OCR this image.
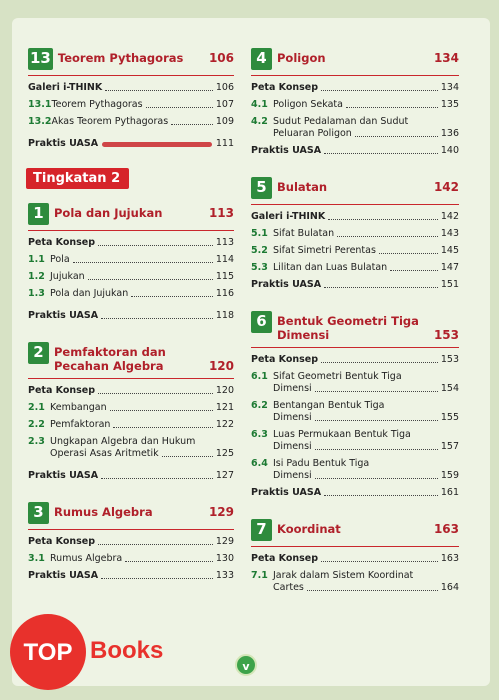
13 Teorem Pythagoras	106
Galeri i-THINK	106
13.1 Teorem Pythagoras	107
13.2 Akas Teorem Pythagoras	109
Praktis UASA	111
Tingkatan 2
1 Pola dan Jujukan	113
Peta Konsep	113
1.1 Pola	114
1.2 Jujukan	115
1.3 Pola dan Jujukan	116
Praktis UASA	118
2 Pemfaktoran dan
Pecahan Algebra	120
Peta Konsep	120
2.1 Kembangan	121
2.2 Pemfaktoran	122
2.3 Ungkapan Algebra dan Hukum
Operasi Asas Aritmetik	125
Praktis UASA	127
3 Rumus Algebra	129
Peta Konsep	129
3.1 Rumus Algebra	130
Praktis UASA	133
4 Poligon	134
Peta Konsep	134
4.1 Poligon Sekata	135
4.2 Sudut Pedalaman dan Sudut
Peluaran Poligon	136
Praktis UASA	140
5 Bulatan	142
Galeri i-THINK	142
5.1 Sifat Bulatan	143
5.2 Sifat Simetri Perentas	145
5.3 Lilitan dan Luas Bulatan	147
Praktis UASA	151
6 Bentuk Geometri Tiga
Dimensi	153
Peta Konsep	153
6.1 Sifat Geometri Bentuk Tiga
Dimensi	154
6.2 Bentangan Bentuk Tiga
Dimensi	155
6.3 Luas Permukaan Bentuk Tiga
Dimensi	157
6.4 Isi Padu Bentuk Tiga
Dimensi	159
Praktis UASA	161
7 Koordinat	163
Peta Konsep	163
7.1 Jarak dalam Sistem Koordinat
Cartes	164
TOP Books
v
